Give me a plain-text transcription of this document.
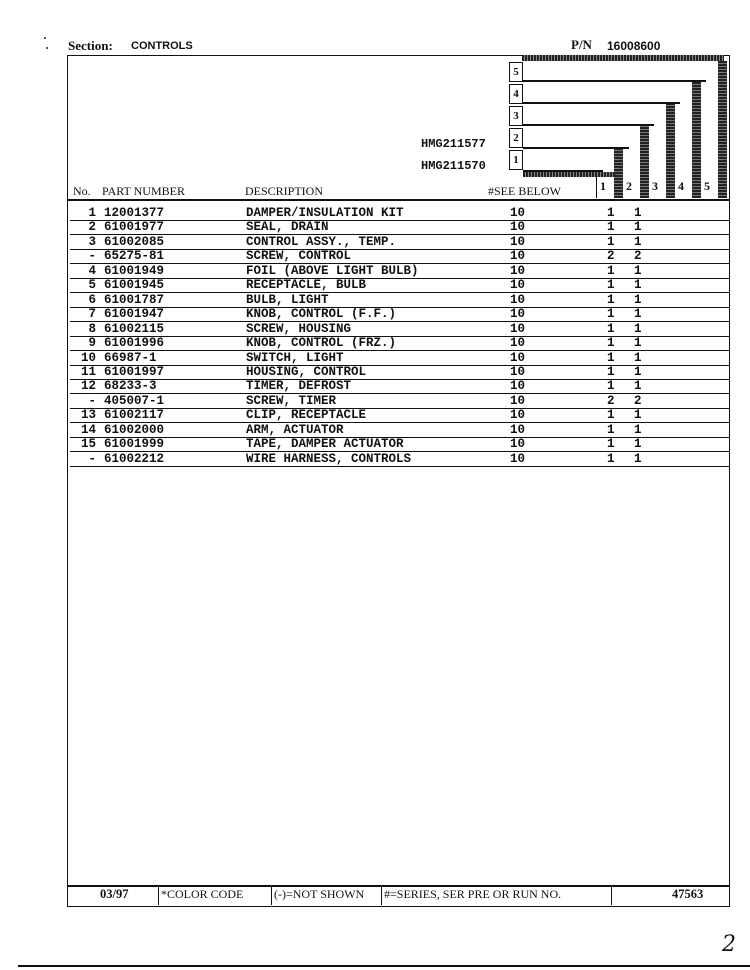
Section: CONTROLS	P/N 16008600
5
4
3
2
1
HMG211577
HMG211570
No. PART NUMBER	DESCRIPTION	#SEE BELOW	1 2 3 4 5
1 12001377	DAMPER/INSULATION KIT	10	1 1
2 61001977	SEAL, DRAIN	10	1 1
3 61002085	CONTROL ASSY., TEMP.	10	1 1
- 65275-81	SCREW, CONTROL	10	2 2
4 61001949	FOIL (ABOVE LIGHT BULB)	10	1 1
5 61001945	RECEPTACLE, BULB	10	1 1
6 61001787	BULB, LIGHT	10	1 1
7 61001947	KNOB, CONTROL (F.F.)	10	1 1
8 61002115	SCREW, HOUSING	10	1 1
9 61001996	KNOB, CONTROL (FRZ.)	10	1 1
10 66987-1	SWITCH, LIGHT	10	1 1
11 61001997	HOUSING, CONTROL	10	1 1
12 68233-3	TIMER, DEFROST	10	1 1
- 405007-1	SCREW, TIMER	10	2 2
13 61002117	CLIP, RECEPTACLE	10	1 1
14 61002000	ARM, ACTUATOR	10	1 1
15 61001999	TAPE, DAMPER ACTUATOR	10	1 1
- 61002212	WIRE HARNESS, CONTROLS	10	1 1
03/97	*COLOR CODE	(-)=NOT SHOWN #=SERIES, SER PRE OR RUN NO.	47563
2
